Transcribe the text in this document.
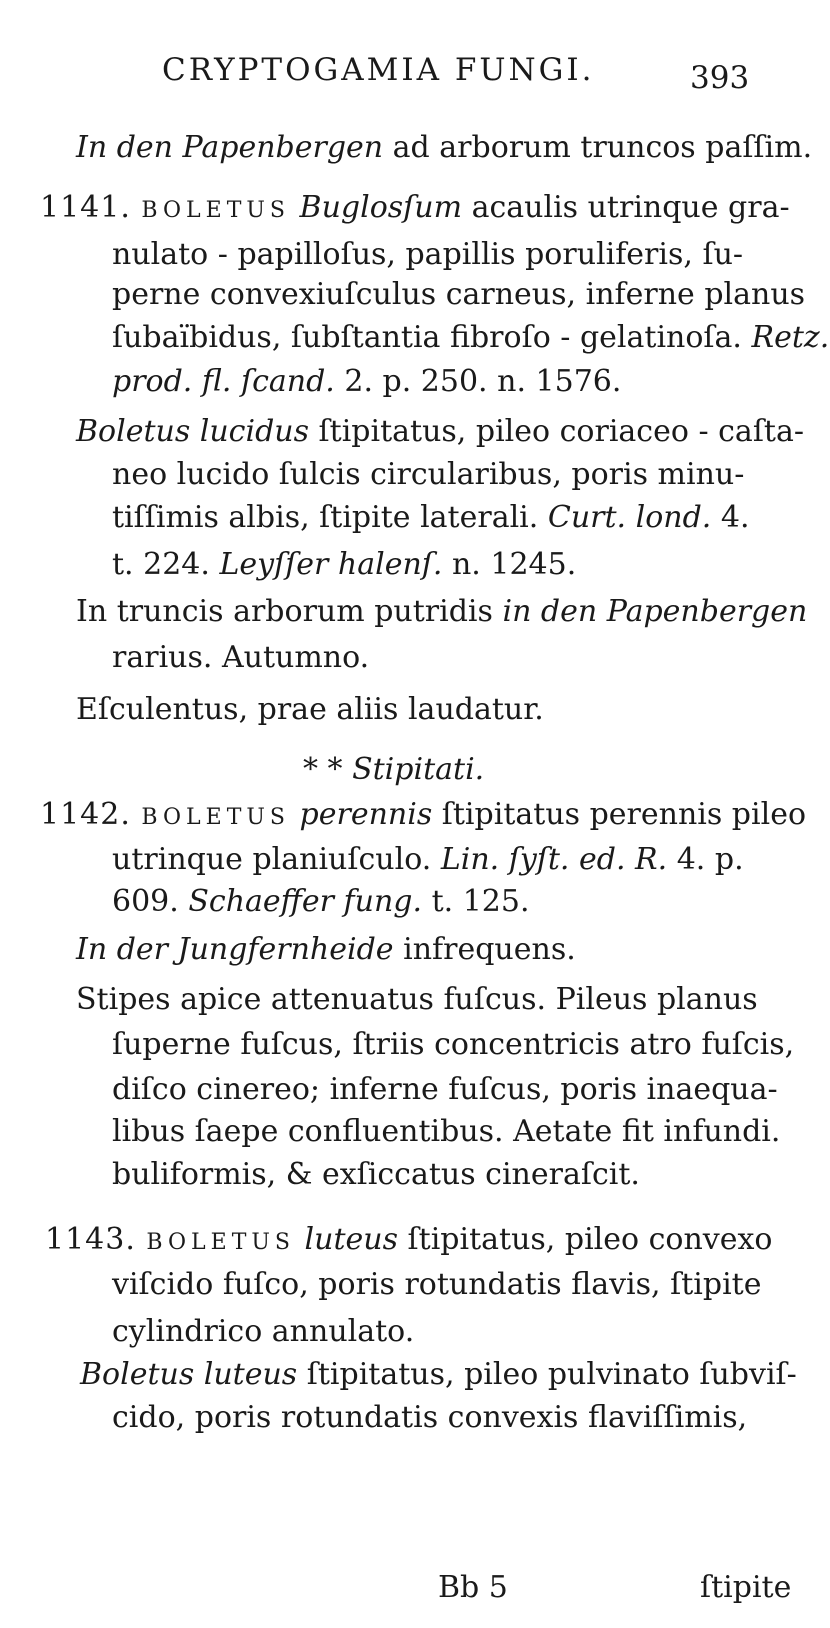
CRYPTOGAMIA FUNGI.	393
In den Papenbergen ad arborum truncos paſſim.
1141. BOLETUS Buglosſum acaulis utrinque gra-
nulato - papilloſus, papillis poruliferis, ſu-
perne convexiuſculus carneus, inferne planus
ſubaïbidus, ſubſtantia fibroſo - gelatinoſa. Retz.
prod. fl. ſcand. 2. p. 250. n. 1576.
Boletus lucidus ſtipitatus, pileo coriaceo - caſta-
neo lucido ſulcis circularibus, poris minu-
tiſſimis albis, ſtipite laterali. Curt. lond. 4.
t. 224. Leyſſer halenſ. n. 1245.
In truncis arborum putridis in den Papenbergen
rarius. Autumno.
Eſculentus, prae aliis laudatur.
* * Stipitati.
1142. BOLETUS perennis ſtipitatus perennis pileo
utrinque planiuſculo. Lin. ſyſt. ed. R. 4. p.
609. Schaeffer fung. t. 125.
In der Jungfernheide infrequens.
Stipes apice attenuatus fuſcus. Pileus planus
ſuperne fuſcus, ſtriis concentricis atro fuſcis,
diſco cinereo; inferne fuſcus, poris inaequa-
libus ſaepe confluentibus. Aetate fit infundi.
buliformis, & exſiccatus cineraſcit.
1143. BOLETUS luteus ſtipitatus, pileo convexo
viſcido fuſco, poris rotundatis flavis, ſtipite
cylindrico annulato.
Boletus luteus ſtipitatus, pileo pulvinato ſubviſ-
cido, poris rotundatis convexis flaviſſimis,
Bb 5	ſtipite
